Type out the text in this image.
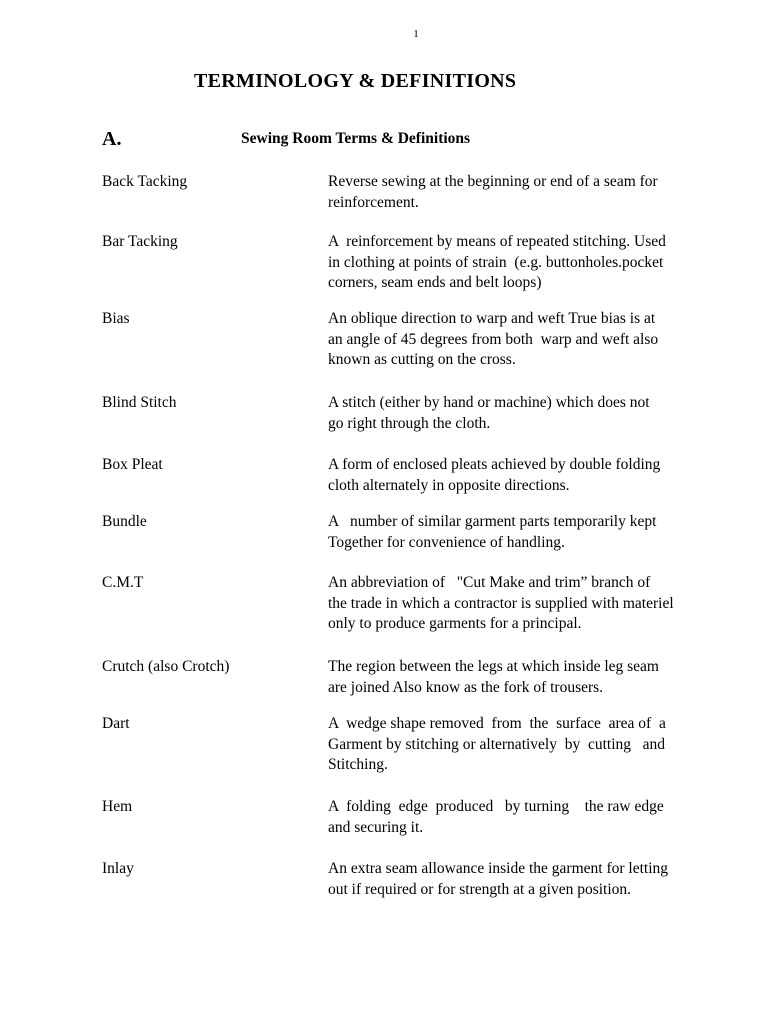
1
TERMINOLOGY & DEFINITIONS
A.	Sewing Room Terms & Definitions
Back Tacking	Reverse sewing at the beginning or end of a seam for
reinforcement.
Bar Tacking	A  reinforcement by means of repeated stitching. Used
in clothing at points of strain  (e.g. buttonholes.pocket
corners, seam ends and belt loops)
Bias	An oblique direction to warp and weft True bias is at
an angle of 45 degrees from both  warp and weft also
known as cutting on the cross.
Blind Stitch	A stitch (either by hand or machine) which does not
go right through the cloth.
Box Pleat	A form of enclosed pleats achieved by double folding
cloth alternately in opposite directions.
Bundle	A   number of similar garment parts temporarily kept
Together for convenience of handling.
C.M.T	An abbreviation of   "Cut Make and trim” branch of
the trade in which a contractor is supplied with materiel
only to produce garments for a principal.
Crutch (also Crotch)	The region between the legs at which inside leg seam
are joined Also know as the fork of trousers.
Dart	A  wedge shape removed  from  the  surface  area of  a
Garment by stitching or alternatively  by  cutting   and
Stitching.
Hem	A  folding  edge  produced   by turning    the raw edge
and securing it.
Inlay	An extra seam allowance inside the garment for letting
out if required or for strength at a given position.
